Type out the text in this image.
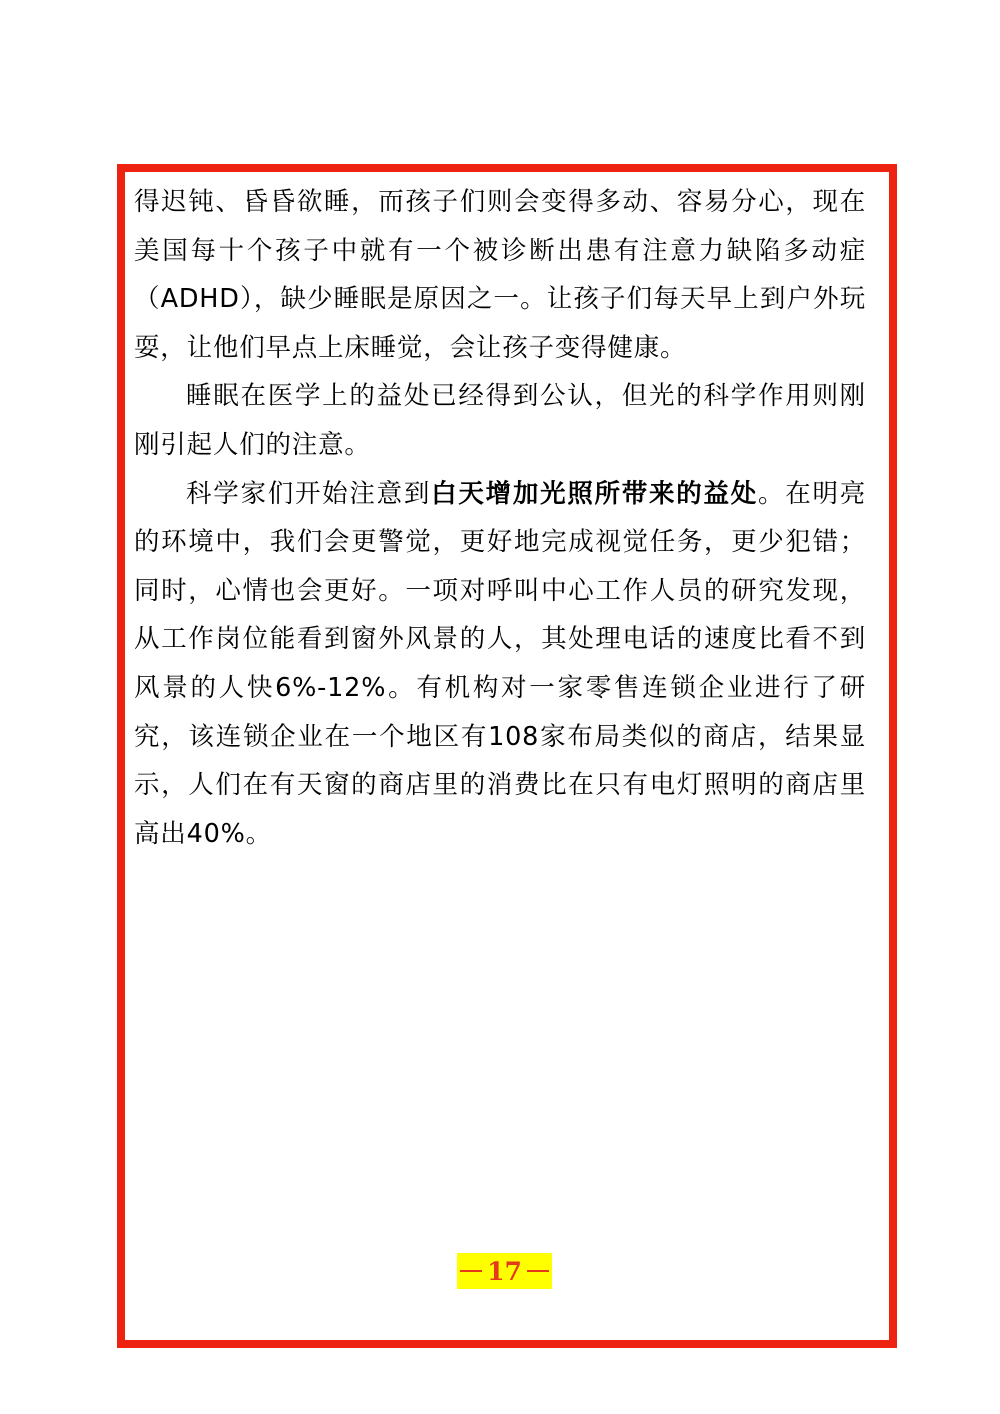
得迟钝、昏昏欲睡，而孩子们则会变得多动、容易分心，现在美国每十个孩子中就有一个被诊断出患有注意力缺陷多动症（ADHD），缺少睡眠是原因之一。让孩子们每天早上到户外玩耍，让他们早点上床睡觉，会让孩子变得健康。

睡眠在医学上的益处已经得到公认，但光的科学作用则刚刚引起人们的注意。

科学家们开始注意到白天增加光照所带来的益处。在明亮的环境中，我们会更警觉，更好地完成视觉任务，更少犯错；同时，心情也会更好。一项对呼叫中心工作人员的研究发现，从工作岗位能看到窗外风景的人，其处理电话的速度比看不到风景的人快6%-12%。有机构对一家零售连锁企业进行了研究，该连锁企业在一个地区有108家布局类似的商店，结果显示，人们在有天窗的商店里的消费比在只有电灯照明的商店里高出40%。

17
